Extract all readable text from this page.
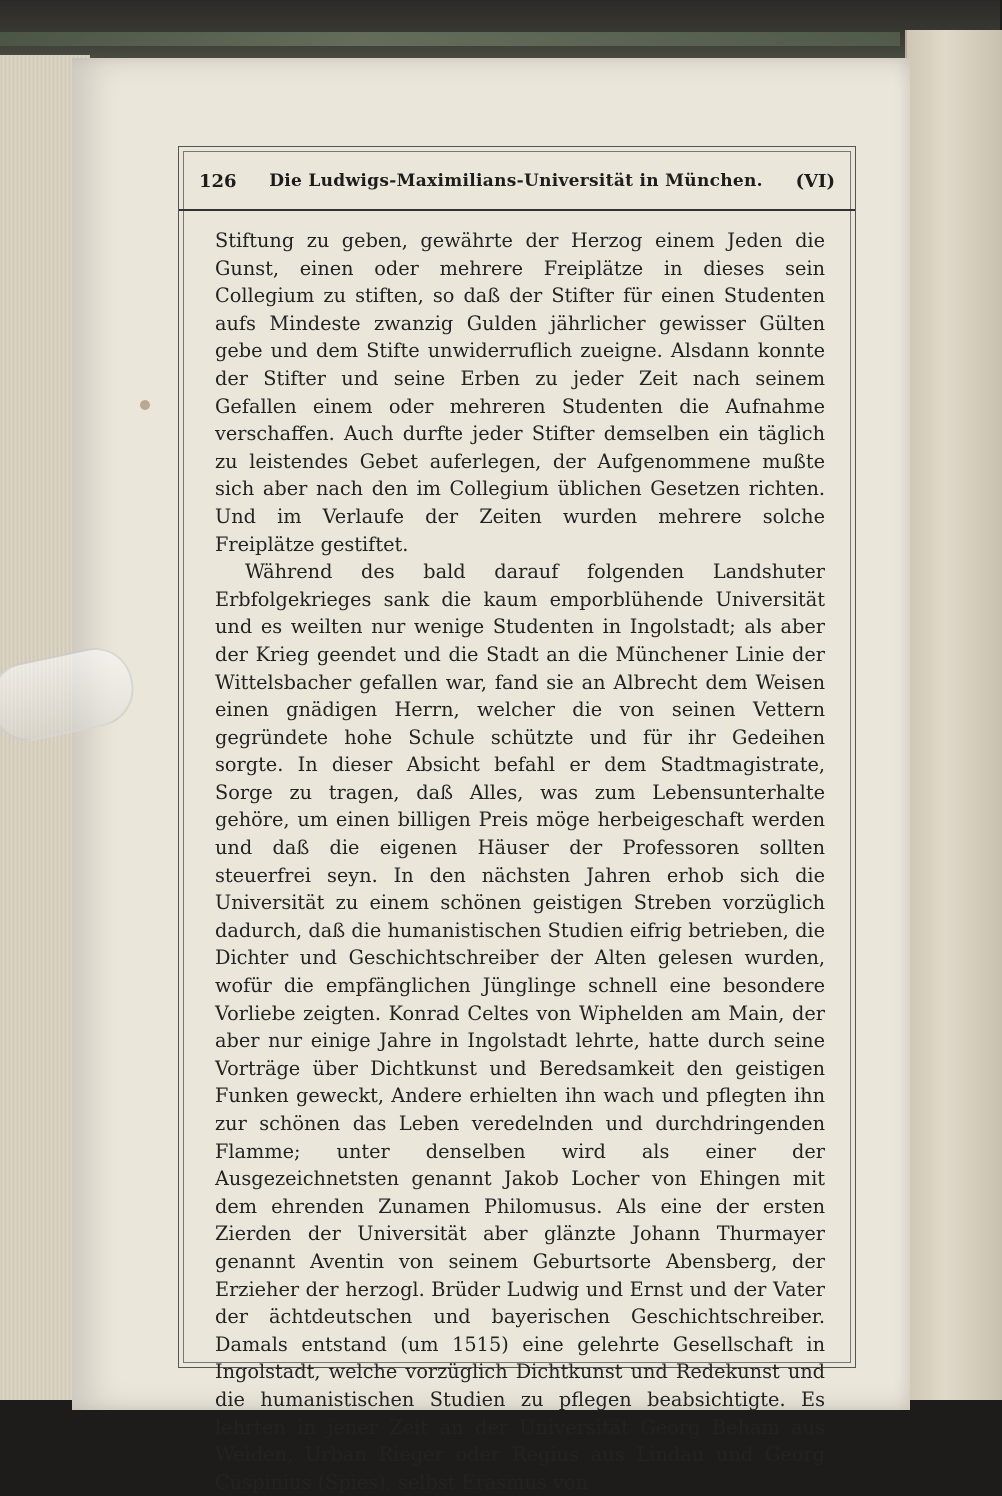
126 Die Ludwigs-Maximilians-Universität in München. (VI)

Stiftung zu geben, gewährte der Herzog einem Jeden die Gunst, einen oder mehrere Freiplätze in dieses sein Collegium zu stiften, so daß der Stifter für einen Studenten aufs Mindeste zwanzig Gulden jährlicher gewisser Gülten gebe und dem Stifte unwiderruflich zueigne. Alsdann konnte der Stifter und seine Erben zu jeder Zeit nach seinem Gefallen einem oder mehreren Studenten die Aufnahme verschaffen. Auch durfte jeder Stifter demselben ein täglich zu leistendes Gebet auferlegen, der Aufgenommene mußte sich aber nach den im Collegium üblichen Gesetzen richten. Und im Verlaufe der Zeiten wurden mehrere solche Freiplätze gestiftet.

Während des bald darauf folgenden Landshuter Erbfolgekrieges sank die kaum emporblühende Universität und es weilten nur wenige Studenten in Ingolstadt; als aber der Krieg geendet und die Stadt an die Münchener Linie der Wittelsbacher gefallen war, fand sie an Albrecht dem Weisen einen gnädigen Herrn, welcher die von seinen Vettern gegründete hohe Schule schützte und für ihr Gedeihen sorgte. In dieser Absicht befahl er dem Stadtmagistrate, Sorge zu tragen, daß Alles, was zum Lebensunterhalte gehöre, um einen billigen Preis möge herbeigeschaft werden und daß die eigenen Häuser der Professoren sollten steuerfrei seyn. In den nächsten Jahren erhob sich die Universität zu einem schönen geistigen Streben vorzüglich dadurch, daß die humanistischen Studien eifrig betrieben, die Dichter und Geschichtschreiber der Alten gelesen wurden, wofür die empfänglichen Jünglinge schnell eine besondere Vorliebe zeigten. Konrad Celtes von Wiphelden am Main, der aber nur einige Jahre in Ingolstadt lehrte, hatte durch seine Vorträge über Dichtkunst und Beredsamkeit den geistigen Funken geweckt, Andere erhielten ihn wach und pflegten ihn zur schönen das Leben veredelnden und durchdringenden Flamme; unter denselben wird als einer der Ausgezeichnetsten genannt Jakob Locher von Ehingen mit dem ehrenden Zunamen Philomusus. Als eine der ersten Zierden der Universität aber glänzte Johann Thurmayer genannt Aventin von seinem Geburtsorte Abensberg, der Erzieher der herzogl. Brüder Ludwig und Ernst und der Vater der ächtdeutschen und bayerischen Geschichtschreiber. Damals entstand (um 1515) eine gelehrte Gesellschaft in Ingolstadt, welche vorzüglich Dichtkunst und Redekunst und die humanistischen Studien zu pflegen beabsichtigte. Es lehrten in jener Zeit an der Universität Georg Beham aus Weiden, Urban Rieger oder Regius aus Lindau und Georg Cuspinius (Spies), selbst Erasmus von
